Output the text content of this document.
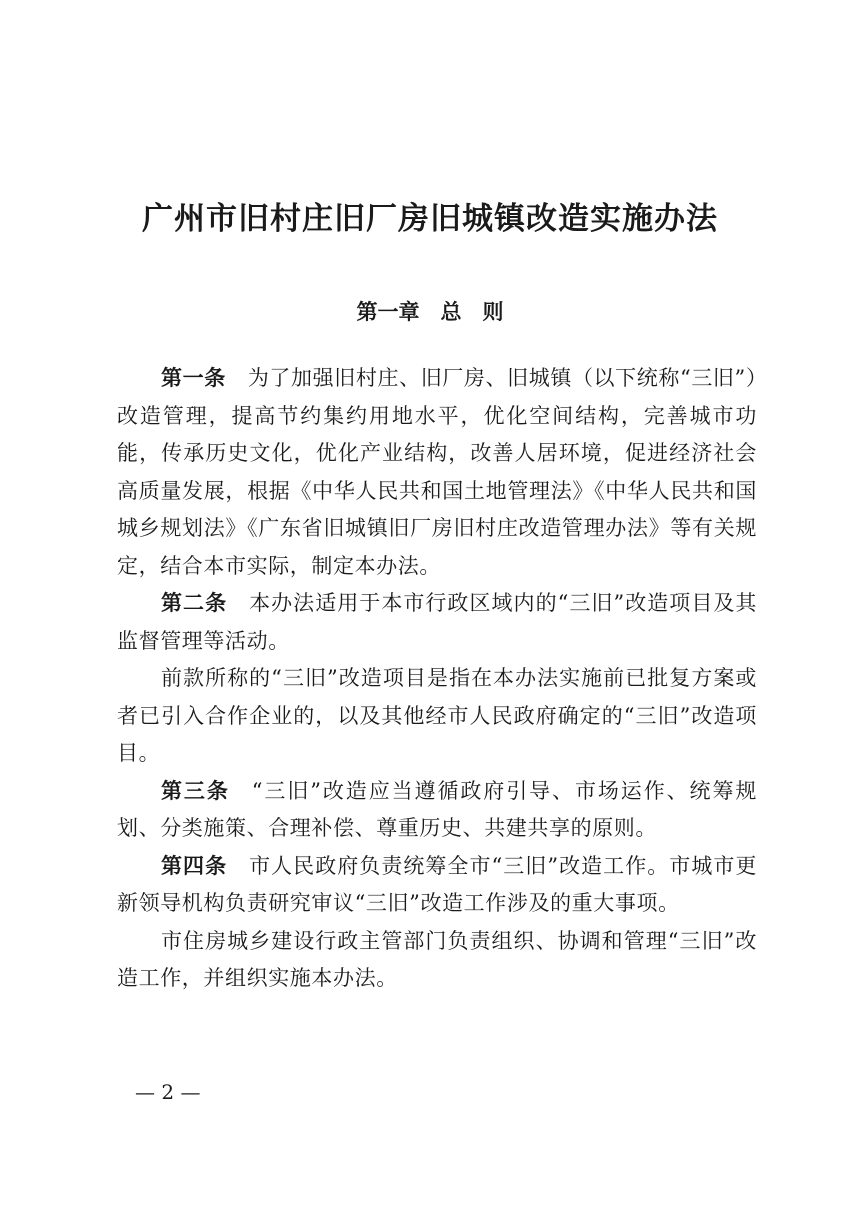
广州市旧村庄旧厂房旧城镇改造实施办法
第一章　总　则

第一条 为了加强旧村庄、旧厂房、旧城镇（以下统称“三旧”）改造管理，提高节约集约用地水平，优化空间结构，完善城市功能，传承历史文化，优化产业结构，改善人居环境，促进经济社会高质量发展，根据《中华人民共和国土地管理法》《中华人民共和国城乡规划法》《广东省旧城镇旧厂房旧村庄改造管理办法》等有关规定，结合本市实际，制定本办法。

第二条 本办法适用于本市行政区域内的“三旧”改造项目及其监督管理等活动。

前款所称的“三旧”改造项目是指在本办法实施前已批复方案或者已引入合作企业的，以及其他经市人民政府确定的“三旧”改造项目。

第三条 “三旧”改造应当遵循政府引导、市场运作、统筹规划、分类施策、合理补偿、尊重历史、共建共享的原则。

第四条 市人民政府负责统筹全市“三旧”改造工作。市城市更新领导机构负责研究审议“三旧”改造工作涉及的重大事项。

市住房城乡建设行政主管部门负责组织、协调和管理“三旧”改造工作，并组织实施本办法。

— 2 —
